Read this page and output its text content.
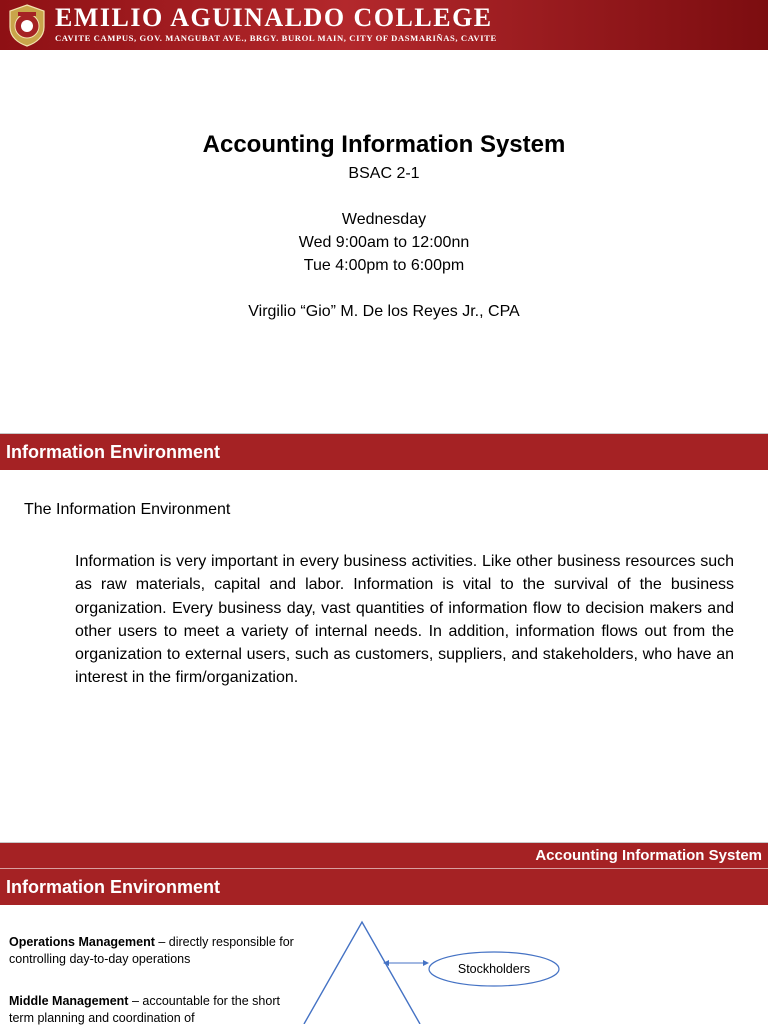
EMILIO AGUINALDO COLLEGE
CAVITE CAMPUS, GOV. MANGUBAT AVE., BRGY. BUROL MAIN, CITY OF DASMARIÑAS, CAVITE
Accounting Information System
BSAC 2-1
Wednesday
Wed 9:00am to 12:00nn
Tue 4:00pm to 6:00pm
Virgilio “Gio” M. De los Reyes Jr., CPA
Information Environment
The Information Environment
Information is very important in every business activities. Like other business resources such as raw materials, capital and labor. Information is vital to the survival of the business organization. Every business day, vast quantities of information flow to decision makers and other users to meet a variety of internal needs. In addition, information flows out from the organization to external users, such as customers, suppliers, and stakeholders, who have an interest in the firm/organization.
Accounting Information System
Information Environment
Operations Management – directly responsible for controlling day-to-day operations
Middle Management – accountable for the short term planning and coordination of
Stockholders
